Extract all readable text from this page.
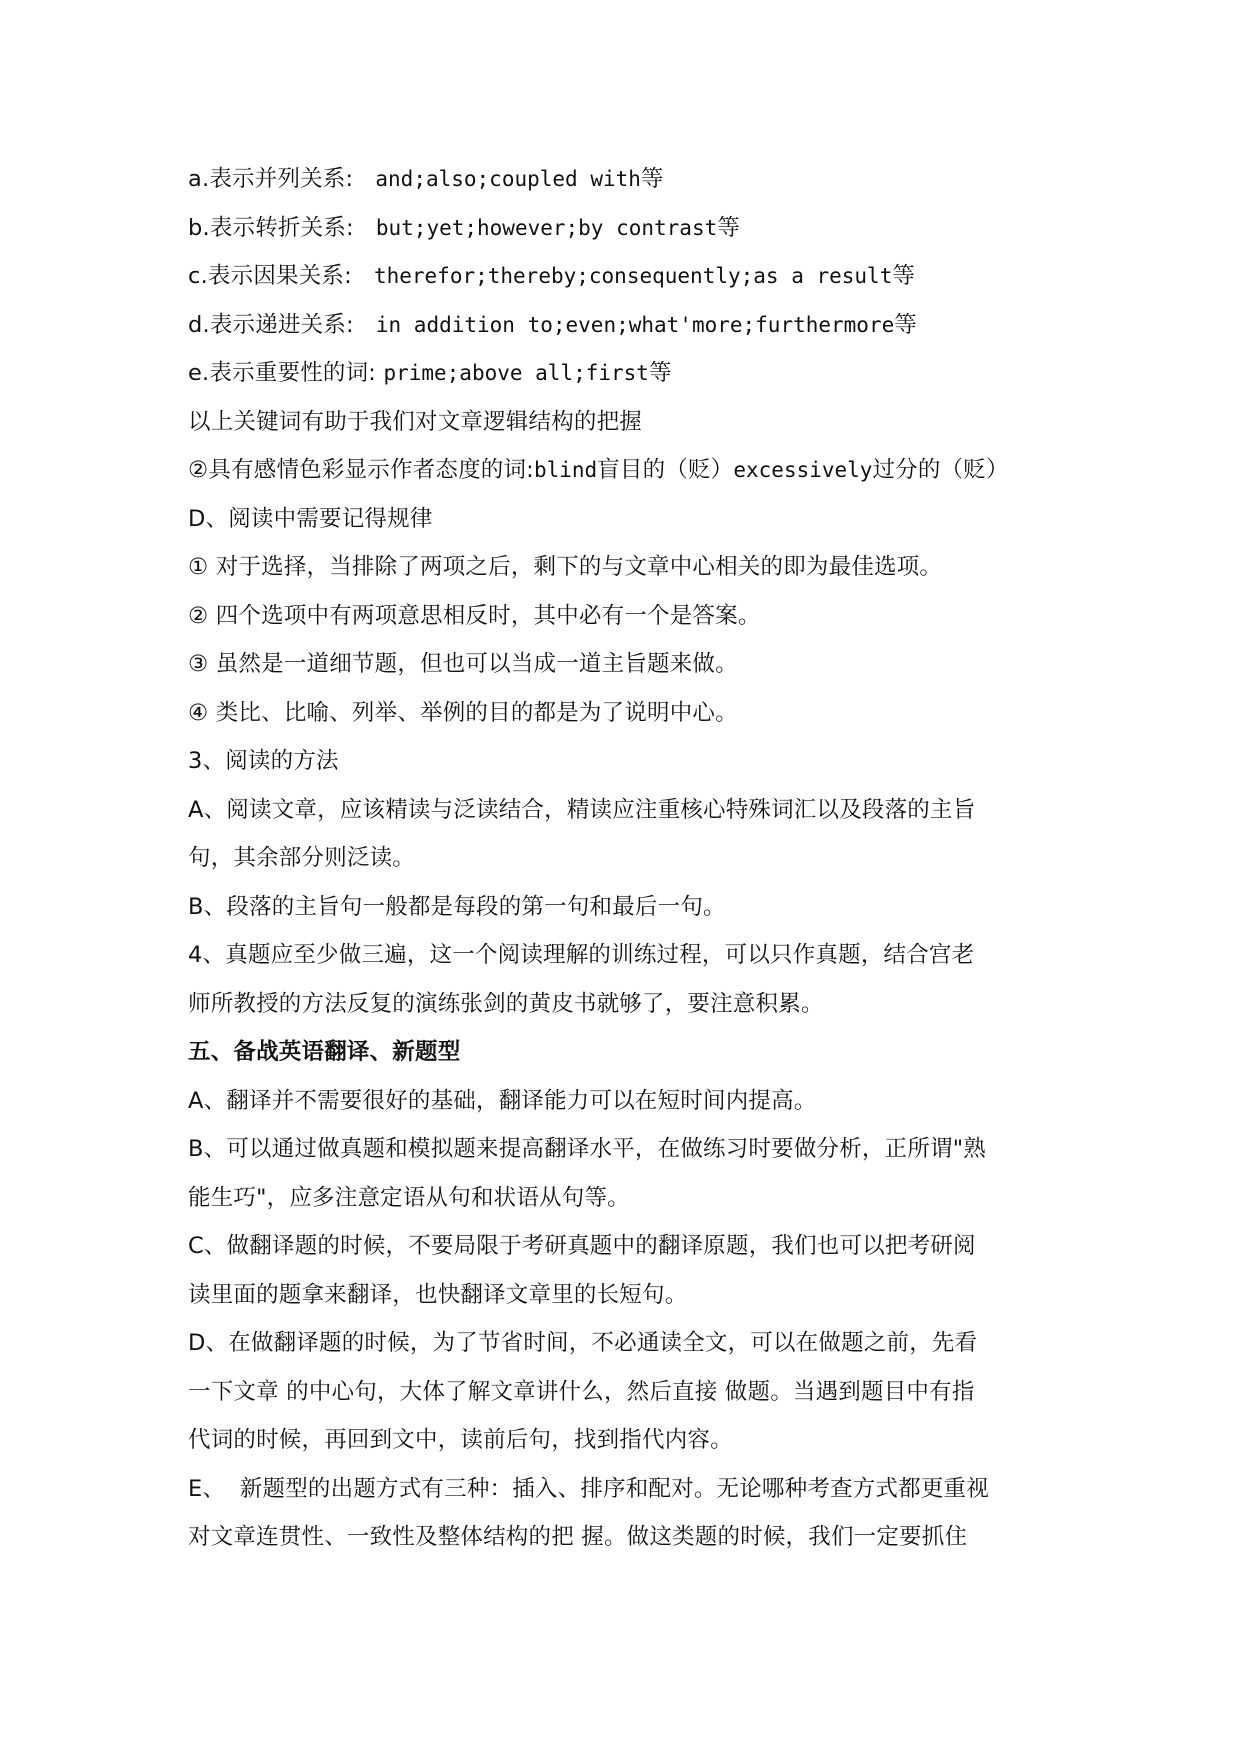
a.表示并列关系:   and;also;coupled with等
b.表示转折关系:   but;yet;however;by contrast等
c.表示因果关系:   therefor;thereby;consequently;as a result等
d.表示递进关系:   in addition to;even;what'more;furthermore等
e.表示重要性的词: prime;above all;first等
以上关键词有助于我们对文章逻辑结构的把握
②具有感情色彩显示作者态度的词:blind盲目的（贬）excessively过分的（贬）
D、阅读中需要记得规律
① 对于选择，当排除了两项之后，剩下的与文章中心相关的即为最佳选项。
② 四个选项中有两项意思相反时，其中必有一个是答案。
③ 虽然是一道细节题，但也可以当成一道主旨题来做。
④ 类比、比喻、列举、举例的目的都是为了说明中心。
3、阅读的方法
A、阅读文章，应该精读与泛读结合，精读应注重核心特殊词汇以及段落的主旨
句，其余部分则泛读。
B、段落的主旨句一般都是每段的第一句和最后一句。
4、真题应至少做三遍，这一个阅读理解的训练过程，可以只作真题，结合宫老
师所教授的方法反复的演练张剑的黄皮书就够了，要注意积累。
五、备战英语翻译、新题型
A、翻译并不需要很好的基础，翻译能力可以在短时间内提高。
B、可以通过做真题和模拟题来提高翻译水平，在做练习时要做分析，正所谓"熟
能生巧"，应多注意定语从句和状语从句等。
C、做翻译题的时候，不要局限于考研真题中的翻译原题，我们也可以把考研阅
读里面的题拿来翻译，也快翻译文章里的长短句。
D、在做翻译题的时候，为了节省时间，不必通读全文，可以在做题之前，先看
一下文章 的中心句，大体了解文章讲什么，然后直接 做题。当遇到题目中有指
代词的时候，再回到文中，读前后句，找到指代内容。
E、  新题型的出题方式有三种：插入、排序和配对。无论哪种考查方式都更重视
对文章连贯性、一致性及整体结构的把 握。做这类题的时候，我们一定要抓住
